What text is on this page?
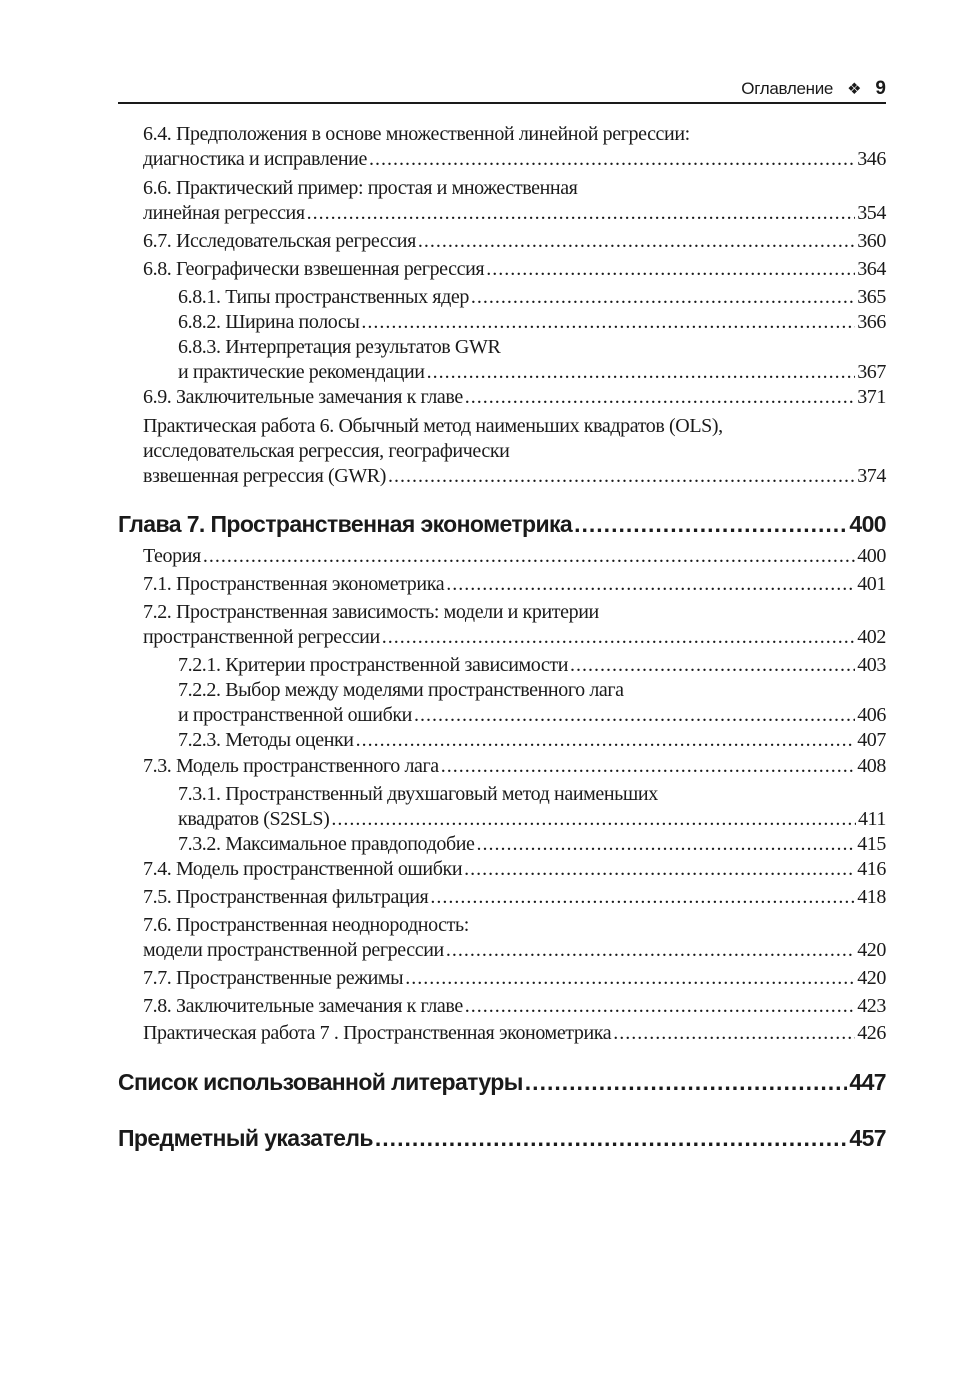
Оглавление ❖ 9
6.4. Предположения в основе множественной линейной регрессии:
диагностика и исправление .....	346
6.6. Практический пример: простая и множественная
линейная регрессия .....	354
6.7. Исследовательская регрессия .....	360
6.8. Географически взвешенная регрессия .....	364
6.8.1. Типы пространственных ядер .....	365
6.8.2. Ширина полосы .....	366
6.8.3. Интерпретация результатов GWR
и практические рекомендации .....	367
6.9. Заключительные замечания к главе .....	371
Практическая работа 6. Обычный метод наименьших квадратов (OLS),
исследовательская регрессия, географически
взвешенная регрессия (GWR) .....	374
Глава 7. Пространственная эконометрика .....	400
Теория .....	400
7.1. Пространственная эконометрика .....	401
7.2. Пространственная зависимость: модели и критерии
пространственной регрессии .....	402
7.2.1. Критерии пространственной зависимости .....	403
7.2.2. Выбор между моделями пространственного лага
и пространственной ошибки .....	406
7.2.3. Методы оценки .....	407
7.3. Модель пространственного лага .....	408
7.3.1. Пространственный двухшаговый метод наименьших
квадратов (S2SLS) .....	411
7.3.2. Максимальное правдоподобие .....	415
7.4. Модель пространственной ошибки .....	416
7.5. Пространственная фильтрация .....	418
7.6. Пространственная неоднородность:
модели пространственной регрессии .....	420
7.7. Пространственные режимы .....	420
7.8. Заключительные замечания к главе .....	423
Практическая работа 7 . Пространственная эконометрика .....	426
Список использованной литературы .....	447
Предметный указатель .....	457
